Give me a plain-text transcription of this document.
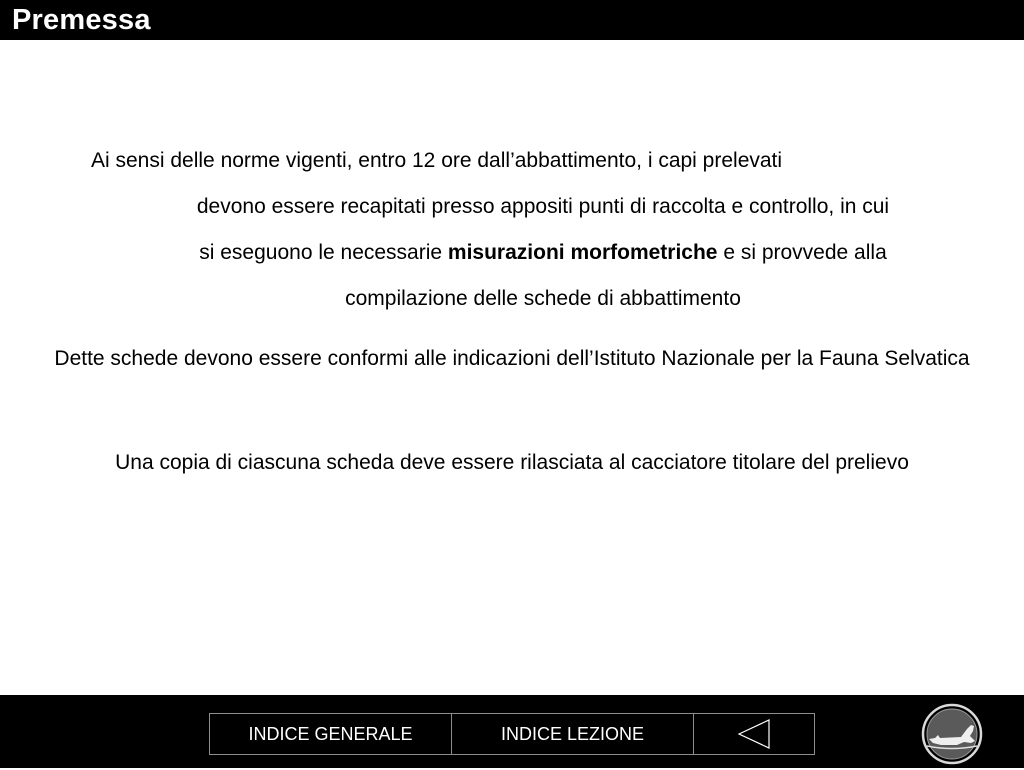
Premessa
Ai sensi delle norme vigenti, entro 12 ore dall’abbattimento, i capi prelevati
devono essere recapitati presso appositi punti di raccolta e controllo, in cui
si eseguono le necessarie misurazioni morfometriche e si provvede alla
compilazione delle schede di abbattimento
Dette schede devono essere conformi alle indicazioni dell’Istituto Nazionale per la Fauna Selvatica
Una copia di ciascuna scheda deve essere rilasciata al cacciatore titolare del prelievo
INDICE GENERALE	INDICE LEZIONE
